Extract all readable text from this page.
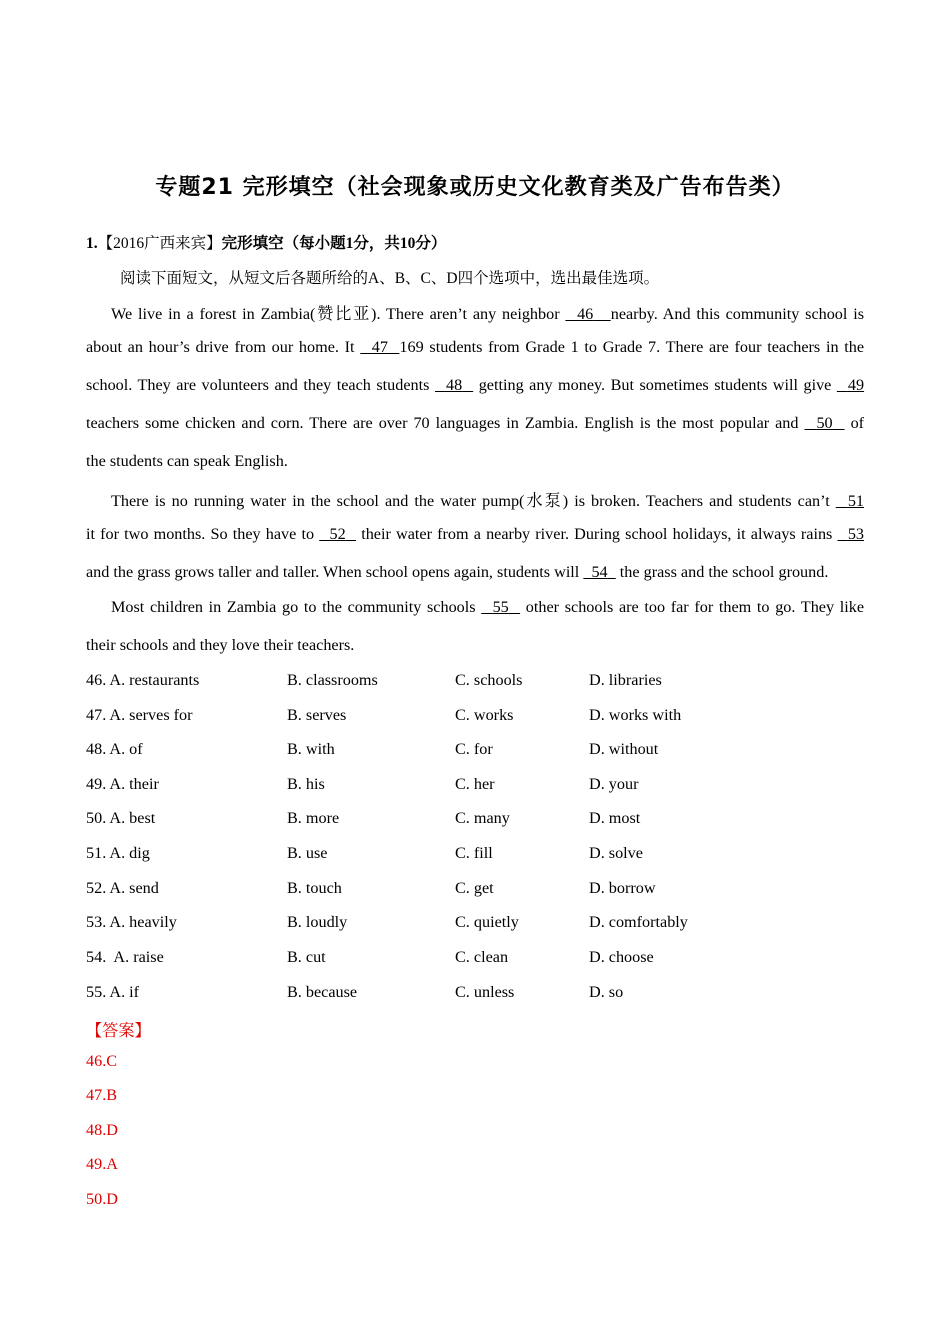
专题21 完形填空（社会现象或历史文化教育类及广告布告类）
1.【2016广西来宾】完形填空（每小题1分，共10分）
阅读下面短文，从短文后各题所给的A、B、C、D四个选项中，选出最佳选项。
We live in a forest in Zambia(赞比亚). There aren’t any neighbor 46 nearby. And this community school is
about an hour’s drive from our home. It 47 169 students from Grade 1 to Grade 7. There are four teachers in the
school. They are volunteers and they teach students 48 getting any money. But sometimes students will give 49
teachers some chicken and corn. There are over 70 languages in Zambia. English is the most popular and 50 of
the students can speak English.
There is no running water in the school and the water pump(水泵) is broken. Teachers and students can’t 51
it for two months. So they have to 52 their water from a nearby river. During school holidays, it always rains 53
and the grass grows taller and taller. When school opens again, students will 54 the grass and the school ground.
Most children in Zambia go to the community schools 55 other schools are too far for them to go. They like
their schools and they love their teachers.
46. A. restaurants	B. classrooms	C. schools	D. libraries
47. A. serves for	B. serves	C. works	D. works with
48. A. of	B. with	C. for	D. without
49. A. their	B. his	C. her	D. your
50. A. best	B. more	C. many	D. most
51. A. dig	B. use	C. fill	D. solve
52. A. send	B. touch	C. get	D. borrow
53. A. heavily	B. loudly	C. quietly	D. comfortably
54.  A. raise	B. cut	C. clean	D. choose
55. A. if	B. because	C. unless	D. so
【答案】
46.C
47.B
48.D
49.A
50.D
